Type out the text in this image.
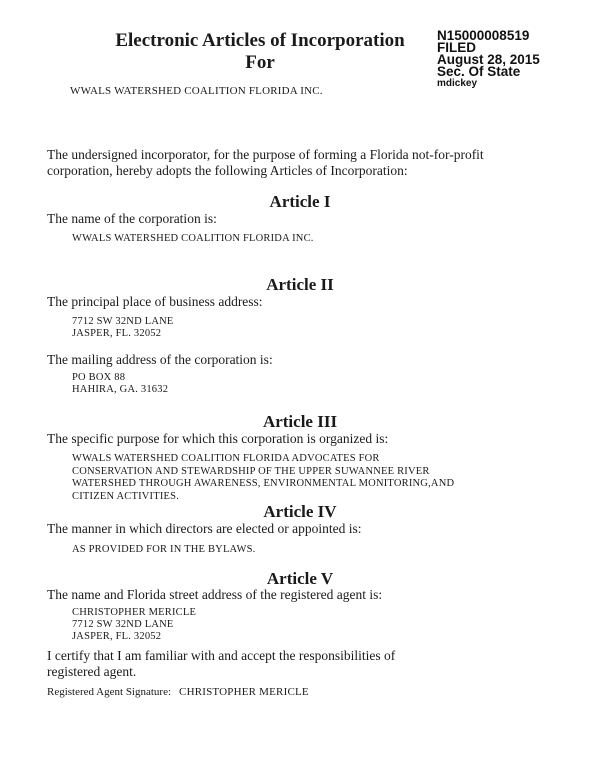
Electronic Articles of Incorporation
For
N15000008519
FILED
August 28, 2015
Sec. Of State
mdickey
WWALS WATERSHED COALITION FLORIDA INC.
The undersigned incorporator, for the purpose of forming a Florida not-for-profit corporation, hereby adopts the following Articles of Incorporation:
Article I
The name of the corporation is:
WWALS WATERSHED COALITION FLORIDA INC.
Article II
The principal place of business address:
7712 SW 32ND LANE
JASPER, FL. 32052
The mailing address of the corporation is:
PO BOX 88
HAHIRA, GA. 31632
Article III
The specific purpose for which this corporation is organized is:
WWALS WATERSHED COALITION FLORIDA ADVOCATES FOR
CONSERVATION AND STEWARDSHIP OF THE UPPER SUWANNEE RIVER
WATERSHED THROUGH AWARENESS, ENVIRONMENTAL MONITORING,AND
CITIZEN ACTIVITIES.
Article IV
The manner in which directors are elected or appointed is:
AS PROVIDED FOR IN THE BYLAWS.
Article V
The name and Florida street address of the registered agent is:
CHRISTOPHER MERICLE
7712 SW 32ND LANE
JASPER, FL. 32052
I certify that I am familiar with and accept the responsibilities of registered agent.
Registered Agent Signature: CHRISTOPHER MERICLE
